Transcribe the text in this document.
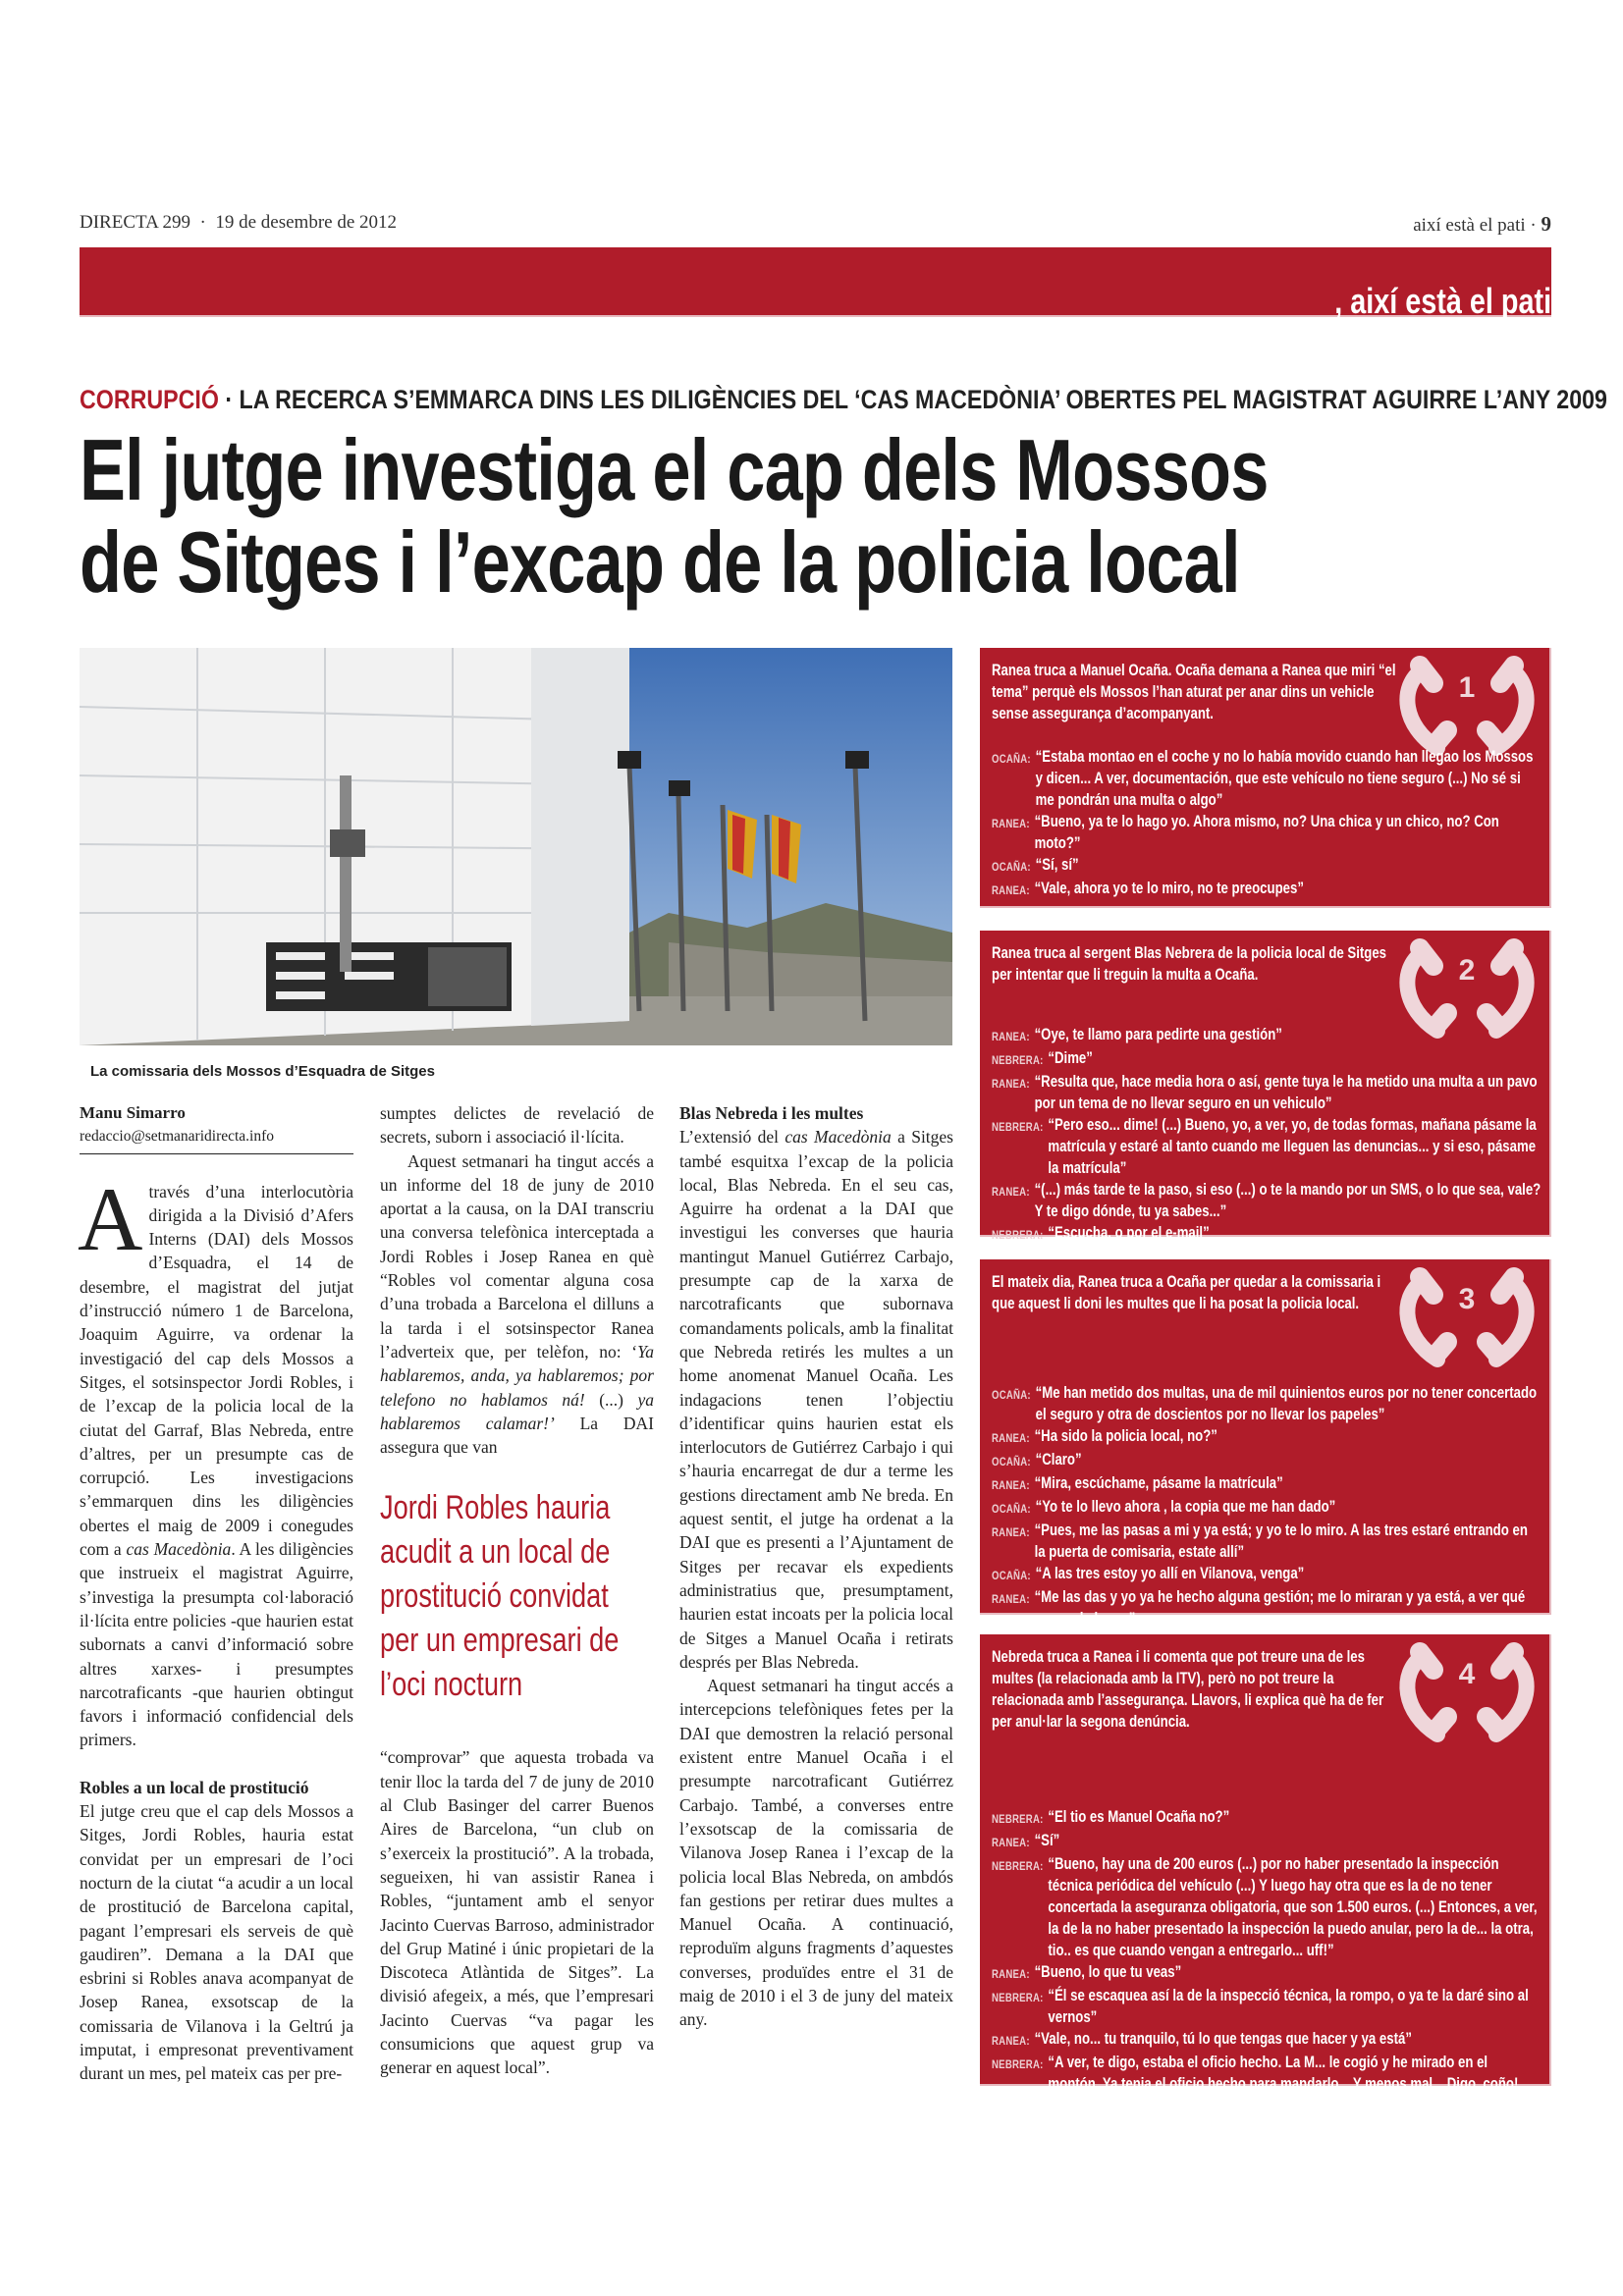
DIRECTA 299  ·  19 de desembre de 2012	així està el pati · 9
, així està el pati
CORRUPCIÓ · LA RECERCA S’EMMARCA DINS LES DILIGÈNCIES DEL ‘CAS MACEDÒNIA’ OBERTES PEL MAGISTRAT AGUIRRE L’ANY 2009
El jutge investiga el cap dels Mossos
de Sitges i l’excap de la policia local
La comissaria dels Mossos d’Esquadra de Sitges
Manu Simarro
redaccio@setmanaridirecta.info

Através d’una interlocutòria dirigida a la Divisió d’Afers Interns (DAI) dels Mossos d’Esquadra, el 14 de desembre, el magistrat del jutjat d’instrucció número 1 de Barcelona, Joaquim Aguirre, va ordenar la investigació del cap dels Mossos a Sitges, el sotsinspector Jordi Robles, i de l’excap de la policia local de la ciutat del Garraf, Blas Nebreda, entre d’altres, per un presumpte cas de corrupció. Les investigacions s’emmarquen dins les diligències obertes el maig de 2009 i conegudes com a cas Macedònia. A les diligències que instrueix el magistrat Aguirre, s’investiga la presumpta col·laboració il·lícita entre policies -que haurien estat subornats a canvi d’informació sobre altres xarxes- i presumptes narcotraficants -que haurien obtingut favors i informació confidencial dels primers.

Robles a un local de prostitució

El jutge creu que el cap dels Mossos a Sitges, Jordi Robles, hauria estat convidat per un empresari de l’oci nocturn de la ciutat “a acudir a un local de prostitució de Barcelona capital, pagant l’empresari els serveis de què gaudiren”. Demana a la DAI que esbrini si Robles anava acompanyat de Josep Ranea, exsotscap de la comissaria de Vilanova i la Geltrú ja imputat, i empresonat preventivament durant un mes, pel mateix cas per pre-

sumptes delictes de revelació de secrets, suborn i associació il·lícita.

Aquest setmanari ha tingut accés a un informe del 18 de juny de 2010 aportat a la causa, on la DAI transcriu una conversa telefònica interceptada a Jordi Robles i Josep Ranea en què “Robles vol comentar alguna cosa d’una trobada a Barcelona el dilluns a la tarda i el sotsinspector Ranea l’adverteix que, per telèfon, no: ‘Ya hablaremos, anda, ya hablaremos; por telefono no hablamos ná! (...) ya hablaremos calamar!’ La DAI assegura que van

Jordi Robles hauria
acudit a un local de
prostitució convidat
per un empresari de
l’oci nocturn

“comprovar” que aquesta trobada va tenir lloc la tarda del 7 de juny de 2010 al Club Basinger del carrer Buenos Aires de Barcelona, “un club on s’exerceix la prostitució”. A la trobada, segueixen, hi van assistir Ranea i Robles, “juntament amb el senyor Jacinto Cuervas Barroso, administrador del Grup Matiné i únic propietari de la Discoteca Atlàntida de Sitges”. La divisió afegeix, a més, que l’empresari Jacinto Cuervas “va pagar les consumicions que aquest grup va generar en aquest local”.

Blas Nebreda i les multes

L’extensió del cas Macedònia a Sitges també esquitxa l’excap de la policia local, Blas Nebreda. En el seu cas, Aguirre ha ordenat a la DAI que investigui les converses que hauria mantingut Manuel Gutiérrez Carbajo, presumpte cap de la xarxa de narcotraficants que subornava comandaments policals, amb la finalitat que Nebreda retirés les multes a un home anomenat Manuel Ocaña. Les indagacions tenen l’objectiu d’identificar quins haurien estat els interlocutors de Gutiérrez Carbajo i qui s’hauria encarregat de dur a terme les gestions directament amb Ne breda. En aquest sentit, el jutge ha ordenat a la DAI que es presenti a l’Ajuntament de Sitges per recavar els expedients administratius que, presumptament, haurien estat incoats per la policia local de Sitges a Manuel Ocaña i retirats després per Blas Nebreda.

Aquest setmanari ha tingut accés a intercepcions telefòniques fetes per la DAI que demostren la relació personal existent entre Manuel Ocaña i el presumpte narcotraficant Gutiérrez Carbajo. També, a converses entre l’exsotscap de la comissaria de Vilanova Josep Ranea i l’excap de la policia local Blas Nebreda, on ambdós fan gestions per retirar dues multes a Manuel Ocaña. A continuació, reproduïm alguns fragments d’aquestes converses, produïdes entre el 31 de maig de 2010 i el 3 de juny del mateix any.

1
Ranea truca a Manuel Ocaña. Ocaña demana a Ranea que miri “el tema” perquè els Mossos l’han aturat per anar dins un vehicle sense assegurança d’acompanyant.
OCAÑA: “Estaba montao en el coche y no lo había movido cuando han llegao los Mossos y dicen... A ver, documentación, que este vehículo no tiene seguro (...) No sé si me pondrán una multa o algo”
RANEA: “Bueno, ya te lo hago yo. Ahora mismo, no? Una chica y un chico, no? Con moto?”
OCAÑA: “Sí, sí”
RANEA: “Vale, ahora yo te lo miro, no te preocupes”
2
Ranea truca al sergent Blas Nebrera de la policia local de Sitges per intentar que li treguin la multa a Ocaña.
RANEA: “Oye, te llamo para pedirte una gestión”
NEBRERA: “Dime”
RANEA: “Resulta que, hace media hora o así, gente tuya le ha metido una multa a un pavo por un tema de no llevar seguro en un vehiculo”
NEBRERA: “Pero eso... dime! (...) Bueno, yo, a ver, yo, de todas formas, mañana pásame la matrícula y estaré al tanto cuando me lleguen las denuncias... y si eso, pásame la matrícula”
RANEA: “(...) más tarde te la paso, si eso (...) o te la mando por un SMS, o lo que sea, vale? Y te digo dónde, tu ya sabes...”
NEBRERA: “Escucha, o por el e-mail”
3
El mateix dia, Ranea truca a Ocaña per quedar a la comissaria i que aquest li doni les multes que li ha posat la policia local.
OCAÑA: “Me han metido dos multas, una de mil quinientos euros por no tener concertado el seguro y otra de doscientos por no llevar los papeles”
RANEA: “Ha sido la policia local, no?”
OCAÑA: “Claro”
RANEA: “Mira, escúchame, pásame la matrícula”
OCAÑA: “Yo te lo llevo ahora , la copia que me han dado”
RANEA: “Pues, me las pasas a mi y ya está; y yo te lo miro. A las tres estaré entrando en la puerta de comisaria, estate allí”
OCAÑA: “A las tres estoy yo allí en Vilanova, venga”
RANEA: “Me las das y yo ya he hecho alguna gestión; me lo miraran y ya está, a ver qué se puede hacer”
4
Nebreda truca a Ranea i li comenta que pot treure una de les multes (la relacionada amb la ITV), però no pot treure la relacionada amb l’assegurança. Llavors, li explica què ha de fer per anul·lar la segona denúncia.
NEBRERA: “El tio es Manuel Ocaña no?”
RANEA: “Sí”
NEBRERA: “Bueno, hay una de 200 euros (...) por no haber presentado la inspección técnica periódica del vehículo (...) Y luego hay otra que es la de no tener concertada la aseguranza obligatoria, que son 1.500 euros. (...) Entonces, a ver, la de la no haber presentado la inspección la puedo anular, pero la de... la otra, tio.. es que cuando vengan a entregarlo... uff!”
RANEA: “Bueno, lo que tu veas”
NEBRERA: “Él se escaquea así la de la inspecció técnica, la rompo, o ya te la daré sino al vernos”
RANEA: “Vale, no... tu tranquilo, tú lo que tengas que hacer y ya está”
NEBRERA: “A ver, te digo, estaba el oficio hecho. La M... le cogió y he mirado en el montón. Ya tenia el oficio hecho para mandarlo... Y menos mal... Digo, coño! Mierda!.. Y yo.. dejamelo”
